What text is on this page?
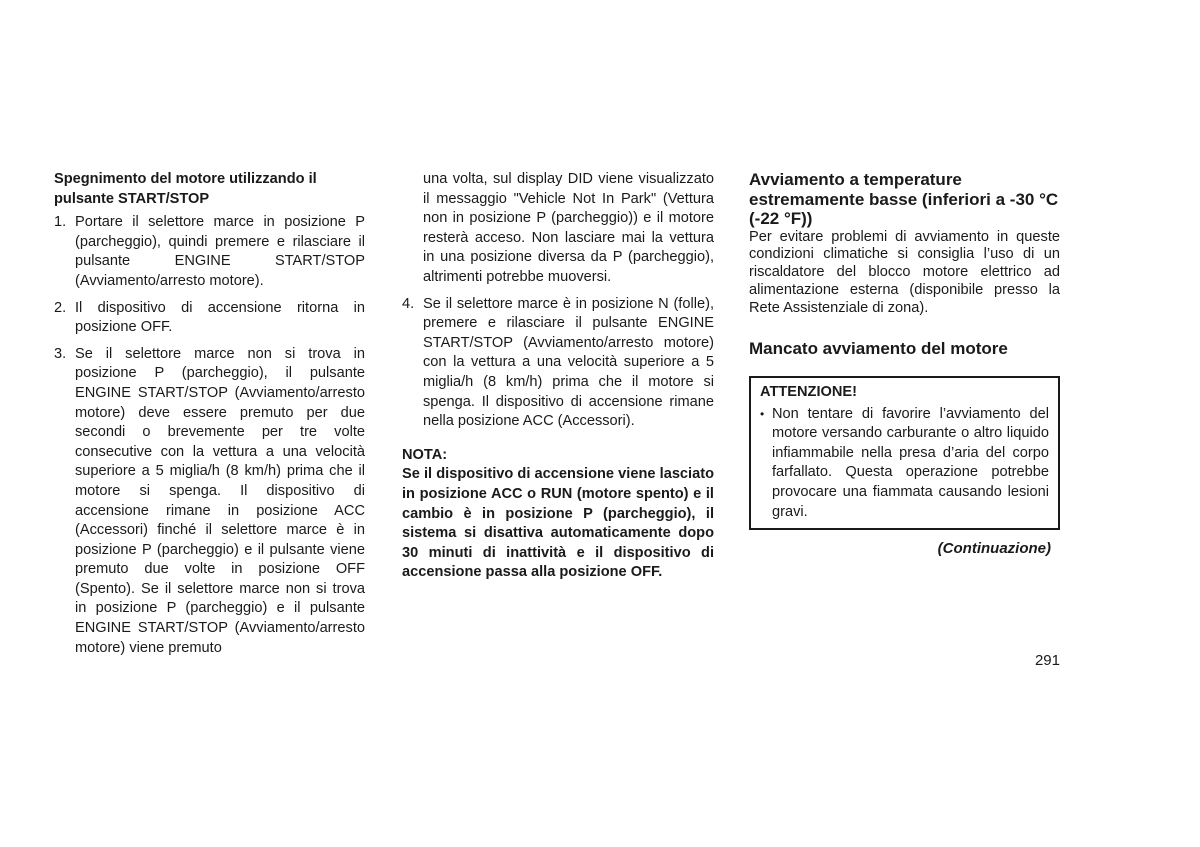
Spegnimento del motore utilizzando il pulsante START/STOP

1. Portare il selettore marce in posizione P (parcheggio), quindi premere e rilasciare il pulsante ENGINE START/STOP (Avviamento/arresto motore).
2. Il dispositivo di accensione ritorna in posizione OFF.
3. Se il selettore marce non si trova in posizione P (parcheggio), il pulsante ENGINE START/STOP (Avviamento/arresto motore) deve essere premuto per due secondi o brevemente per tre volte consecutive con la vettura a una velocità superiore a 5 miglia/h (8 km/h) prima che il motore si spenga. Il dispositivo di accensione rimane in posizione ACC (Accessori) finché il selettore marce è in posizione P (parcheggio) e il pulsante viene premuto due volte in posizione OFF (Spento). Se il selettore marce non si trova in posizione P (parcheggio) e il pulsante ENGINE START/STOP (Avviamento/arresto motore) viene premuto

una volta, sul display DID viene visualizzato il messaggio "Vehicle Not In Park" (Vettura non in posizione P (parcheggio)) e il motore resterà acceso. Non lasciare mai la vettura in una posizione diversa da P (parcheggio), altrimenti potrebbe muoversi.

4. Se il selettore marce è in posizione N (folle), premere e rilasciare il pulsante ENGINE START/STOP (Avviamento/arresto motore) con la vettura a una velocità superiore a 5 miglia/h (8 km/h) prima che il motore si spenga. Il dispositivo di accensione rimane nella posizione ACC (Accessori).

NOTA:

Se il dispositivo di accensione viene lasciato in posizione ACC o RUN (motore spento) e il cambio è in posizione P (parcheggio), il sistema si disattiva automaticamente dopo 30 minuti di inattività e il dispositivo di accensione passa alla posizione OFF.

Avviamento a temperature estremamente basse (inferiori a -30 °C (-22 °F))

Per evitare problemi di avviamento in queste condizioni climatiche si consiglia l’uso di un riscaldatore del blocco motore elettrico ad alimentazione esterna (disponibile presso la Rete Assistenziale di zona).

Mancato avviamento del motore

ATTENZIONE!

• Non tentare di favorire l’avviamento del motore versando carburante o altro liquido infiammabile nella presa d’aria del corpo farfallato. Questa operazione potrebbe provocare una fiammata causando lesioni gravi.
(Continuazione)
291
